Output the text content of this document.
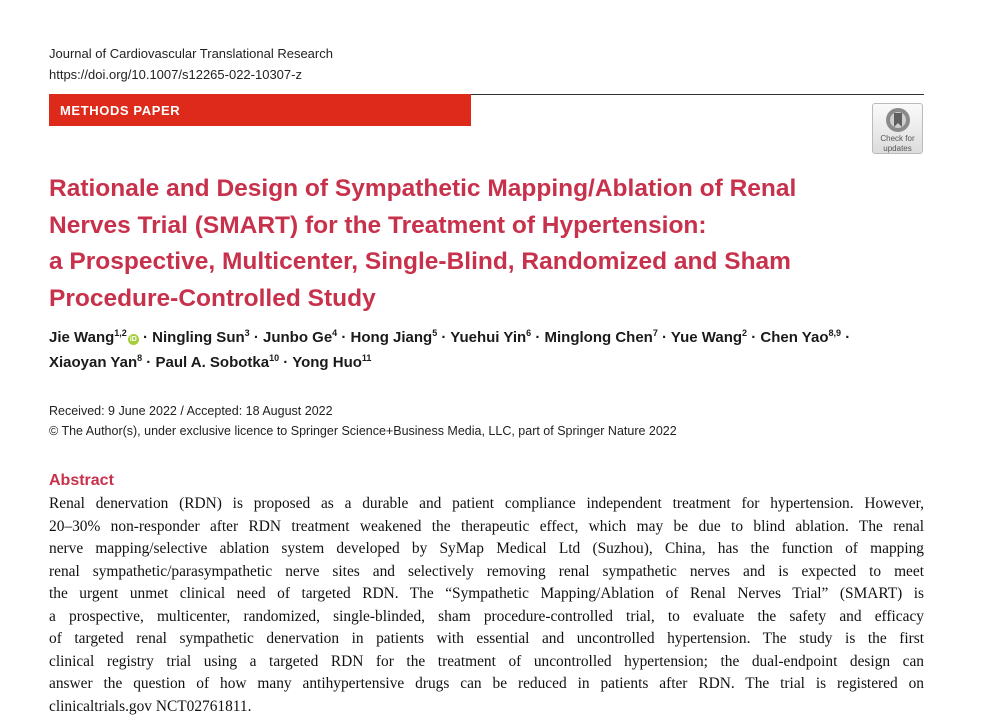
Journal of Cardiovascular Translational Research
https://doi.org/10.1007/s12265-022-10307-z
METHODS PAPER
Check for
updates
Rationale and Design of Sympathetic Mapping/Ablation of Renal
Nerves Trial (SMART) for the Treatment of Hypertension:
a Prospective, Multicenter, Single-Blind, Randomized and Sham
Procedure-Controlled Study
Jie Wang$^{1,2}$iD · Ningling Sun$^3$ · Junbo $Ge^4$ · Hong Jiang$^5$ · Yuehui Yin$^6$ · Minglong Chen$^7$ · Yue Wang$^2$ · Chen Yao$^{8,9}$ ·
Xiaoyan Yan$^8$ · Paul A. Sobotka$^{10}$ · Yong Huo$^{11}$
Received: 9 June 2022 / Accepted: 18 August 2022
© The Author(s), under exclusive licence to Springer Science+Business Media, LLC, part of Springer Nature 2022
Abstract
Renal denervation (RDN) is proposed as a durable and patient compliance independent treatment for hypertension. However,
20–30% non-responder after RDN treatment weakened the therapeutic effect, which may be due to blind ablation. The renal
nerve mapping/selective ablation system developed by SyMap Medical Ltd (Suzhou), China, has the function of mapping
renal sympathetic/parasympathetic nerve sites and selectively removing renal sympathetic nerves and is expected to meet
the urgent unmet clinical need of targeted RDN. The “Sympathetic Mapping/Ablation of Renal Nerves Trial” (SMART) is
a prospective, multicenter, randomized, single-blinded, sham procedure-controlled trial, to evaluate the safety and efficacy
of targeted renal sympathetic denervation in patients with essential and uncontrolled hypertension. The study is the first
clinical registry trial using a targeted RDN for the treatment of uncontrolled hypertension; the dual-endpoint design can
answer the question of how many antihypertensive drugs can be reduced in patients after RDN. The trial is registered on
clinicaltrials.gov NCT02761811.
